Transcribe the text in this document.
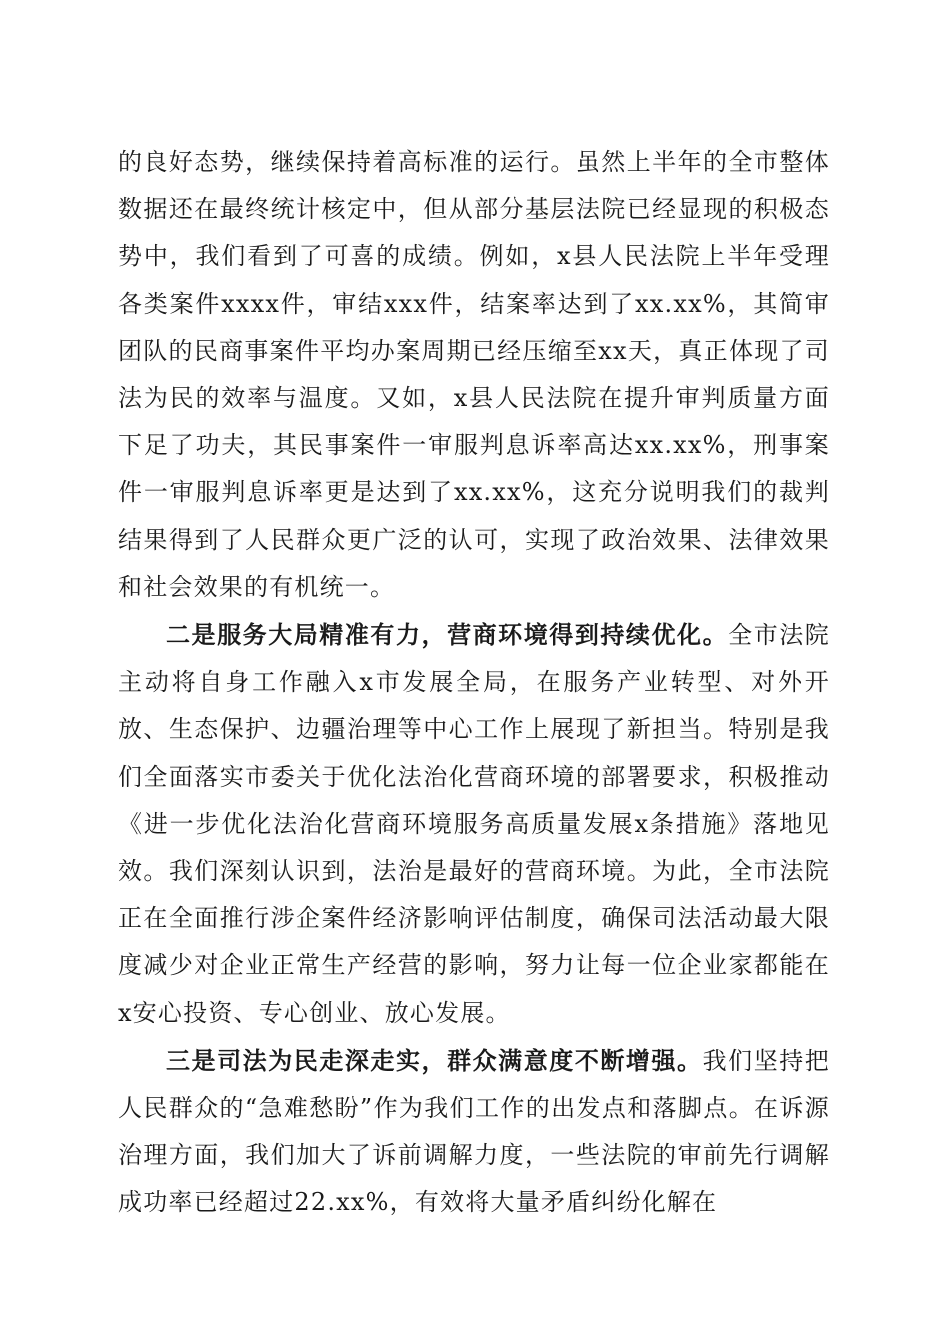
的良好态势，继续保持着高标准的运行。虽然上半年的全市整体数据还在最终统计核定中，但从部分基层法院已经显现的积极态势中，我们看到了可喜的成绩。例如，x县人民法院上半年受理各类案件xxxx件，审结xxx件，结案率达到了xx.xx%，其简审团队的民商事案件平均办案周期已经压缩至xx天，真正体现了司法为民的效率与温度。又如，x县人民法院在提升审判质量方面下足了功夫，其民事案件一审服判息诉率高达xx.xx%，刑事案件一审服判息诉率更是达到了xx.xx%，这充分说明我们的裁判结果得到了人民群众更广泛的认可，实现了政治效果、法律效果和社会效果的有机统一。

二是服务大局精准有力，营商环境得到持续优化。全市法院主动将自身工作融入x市发展全局，在服务产业转型、对外开放、生态保护、边疆治理等中心工作上展现了新担当。特别是我们全面落实市委关于优化法治化营商环境的部署要求，积极推动《进一步优化法治化营商环境服务高质量发展x条措施》落地见效。我们深刻认识到，法治是最好的营商环境。为此，全市法院正在全面推行涉企案件经济影响评估制度，确保司法活动最大限度减少对企业正常生产经营的影响，努力让每一位企业家都能在x安心投资、专心创业、放心发展。

三是司法为民走深走实，群众满意度不断增强。我们坚持把人民群众的“急难愁盼”作为我们工作的出发点和落脚点。在诉源治理方面，我们加大了诉前调解力度，一些法院的审前先行调解成功率已经超过22.xx%，有效将大量矛盾纠纷化解在
